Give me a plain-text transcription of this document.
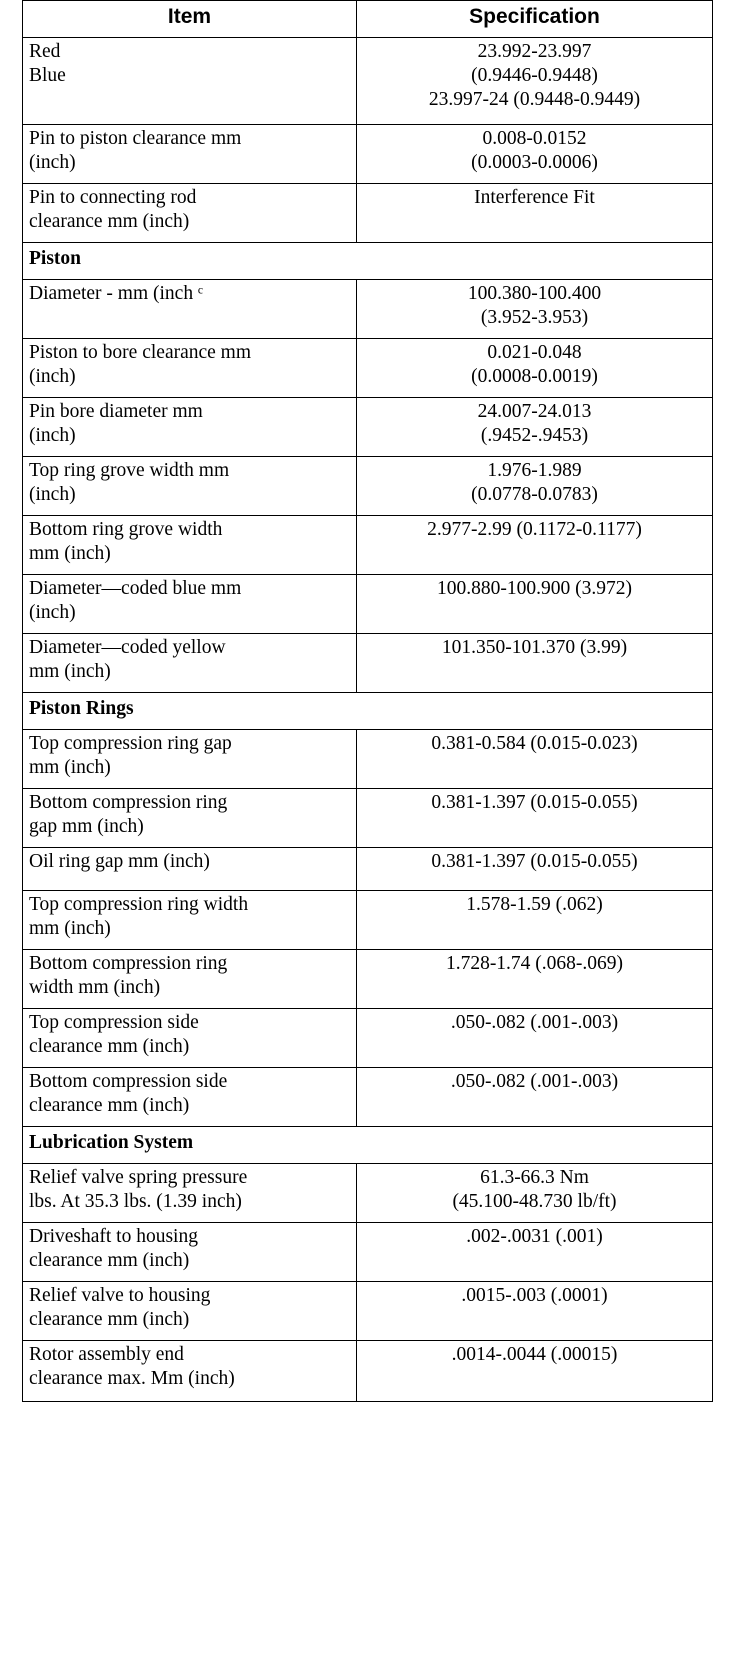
Item	Specification

Red
Blue	23.992-23.997
(0.9446-0.9448)
23.997-24 (0.9448-0.9449)

Pin to piston clearance mm
(inch)	0.008-0.0152
(0.0003-0.0006)

Pin to connecting rod
clearance mm (inch)	Interference Fit
Piston	
Diameter - mm (inch ᶜ	100.380-100.400
(3.952-3.953)

Piston to bore clearance mm
(inch)	0.021-0.048
(0.0008-0.0019)

Pin bore diameter mm
(inch)	24.007-24.013
(.9452-.9453)

Top ring grove width mm
(inch)	1.976-1.989
(0.0778-0.0783)

Bottom ring grove width
mm (inch)	2.977-2.99 (0.1172-0.1177)

Diameter—coded blue mm
(inch)	100.880-100.900 (3.972)

Diameter—coded yellow
mm (inch)	101.350-101.370 (3.99)
Piston Rings	

Top compression ring gap
mm (inch)	0.381-0.584 (0.015-0.023)

Bottom compression ring
gap mm (inch)	0.381-1.397 (0.015-0.055)
Oil ring gap mm (inch)	0.381-1.397 (0.015-0.055)

Top compression ring width
mm (inch)	1.578-1.59 (.062)

Bottom compression ring
width mm (inch)	1.728-1.74 (.068-.069)

Top compression side
clearance mm (inch)	.050-.082 (.001-.003)

Bottom compression side
clearance mm (inch)	.050-.082 (.001-.003)
Lubrication System	

Relief valve spring pressure
lbs. At 35.3 lbs. (1.39 inch)	61.3-66.3 Nm
(45.100-48.730 lb/ft)

Driveshaft to housing
clearance mm (inch)	.002-.0031 (.001)

Relief valve to housing
clearance mm (inch)	.0015-.003 (.0001)

Rotor assembly end
clearance max. Mm (inch)	.0014-.0044 (.00015)
